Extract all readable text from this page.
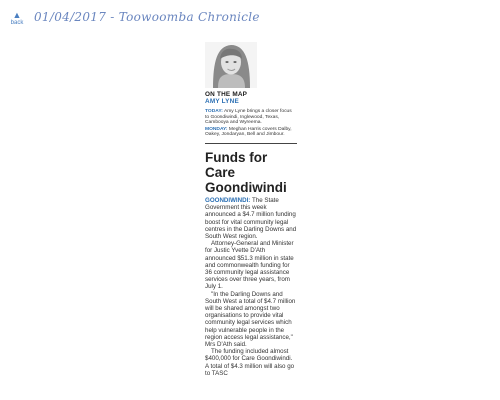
▲
back 01/04/2017 - Toowoomba Chronicle
ON THE MAP
AMY LYNE

TODAY: Amy Lyne brings a closer focus to Goondiwindi, Inglewood, Texas, Cambooya and Wyreema.

MONDAY: Meghan Harris covers Dalby, Oakey, Jondaryan, Bell and Jimbour.

Funds for Care Goondiwindi

GOONDIWINDI: The State Government this week announced a $4.7 million funding boost for vital community legal centres in the Darling Downs and South West region.

Attorney-General and Minister for Justic Yvette D'Ath announced $51.3 million in state and commonwealth funding for 36 community legal assistance services over three years, from July 1.

"In the Darling Downs and South West a total of $4.7 million will be shared amongst two organisations to provide vital community legal services which help vulnerable people in the region access legal assistance," Mrs D'Ath said.

The funding included almost $400,000 for Care Goondiwindi. A total of $4.3 million will also go to TASC
